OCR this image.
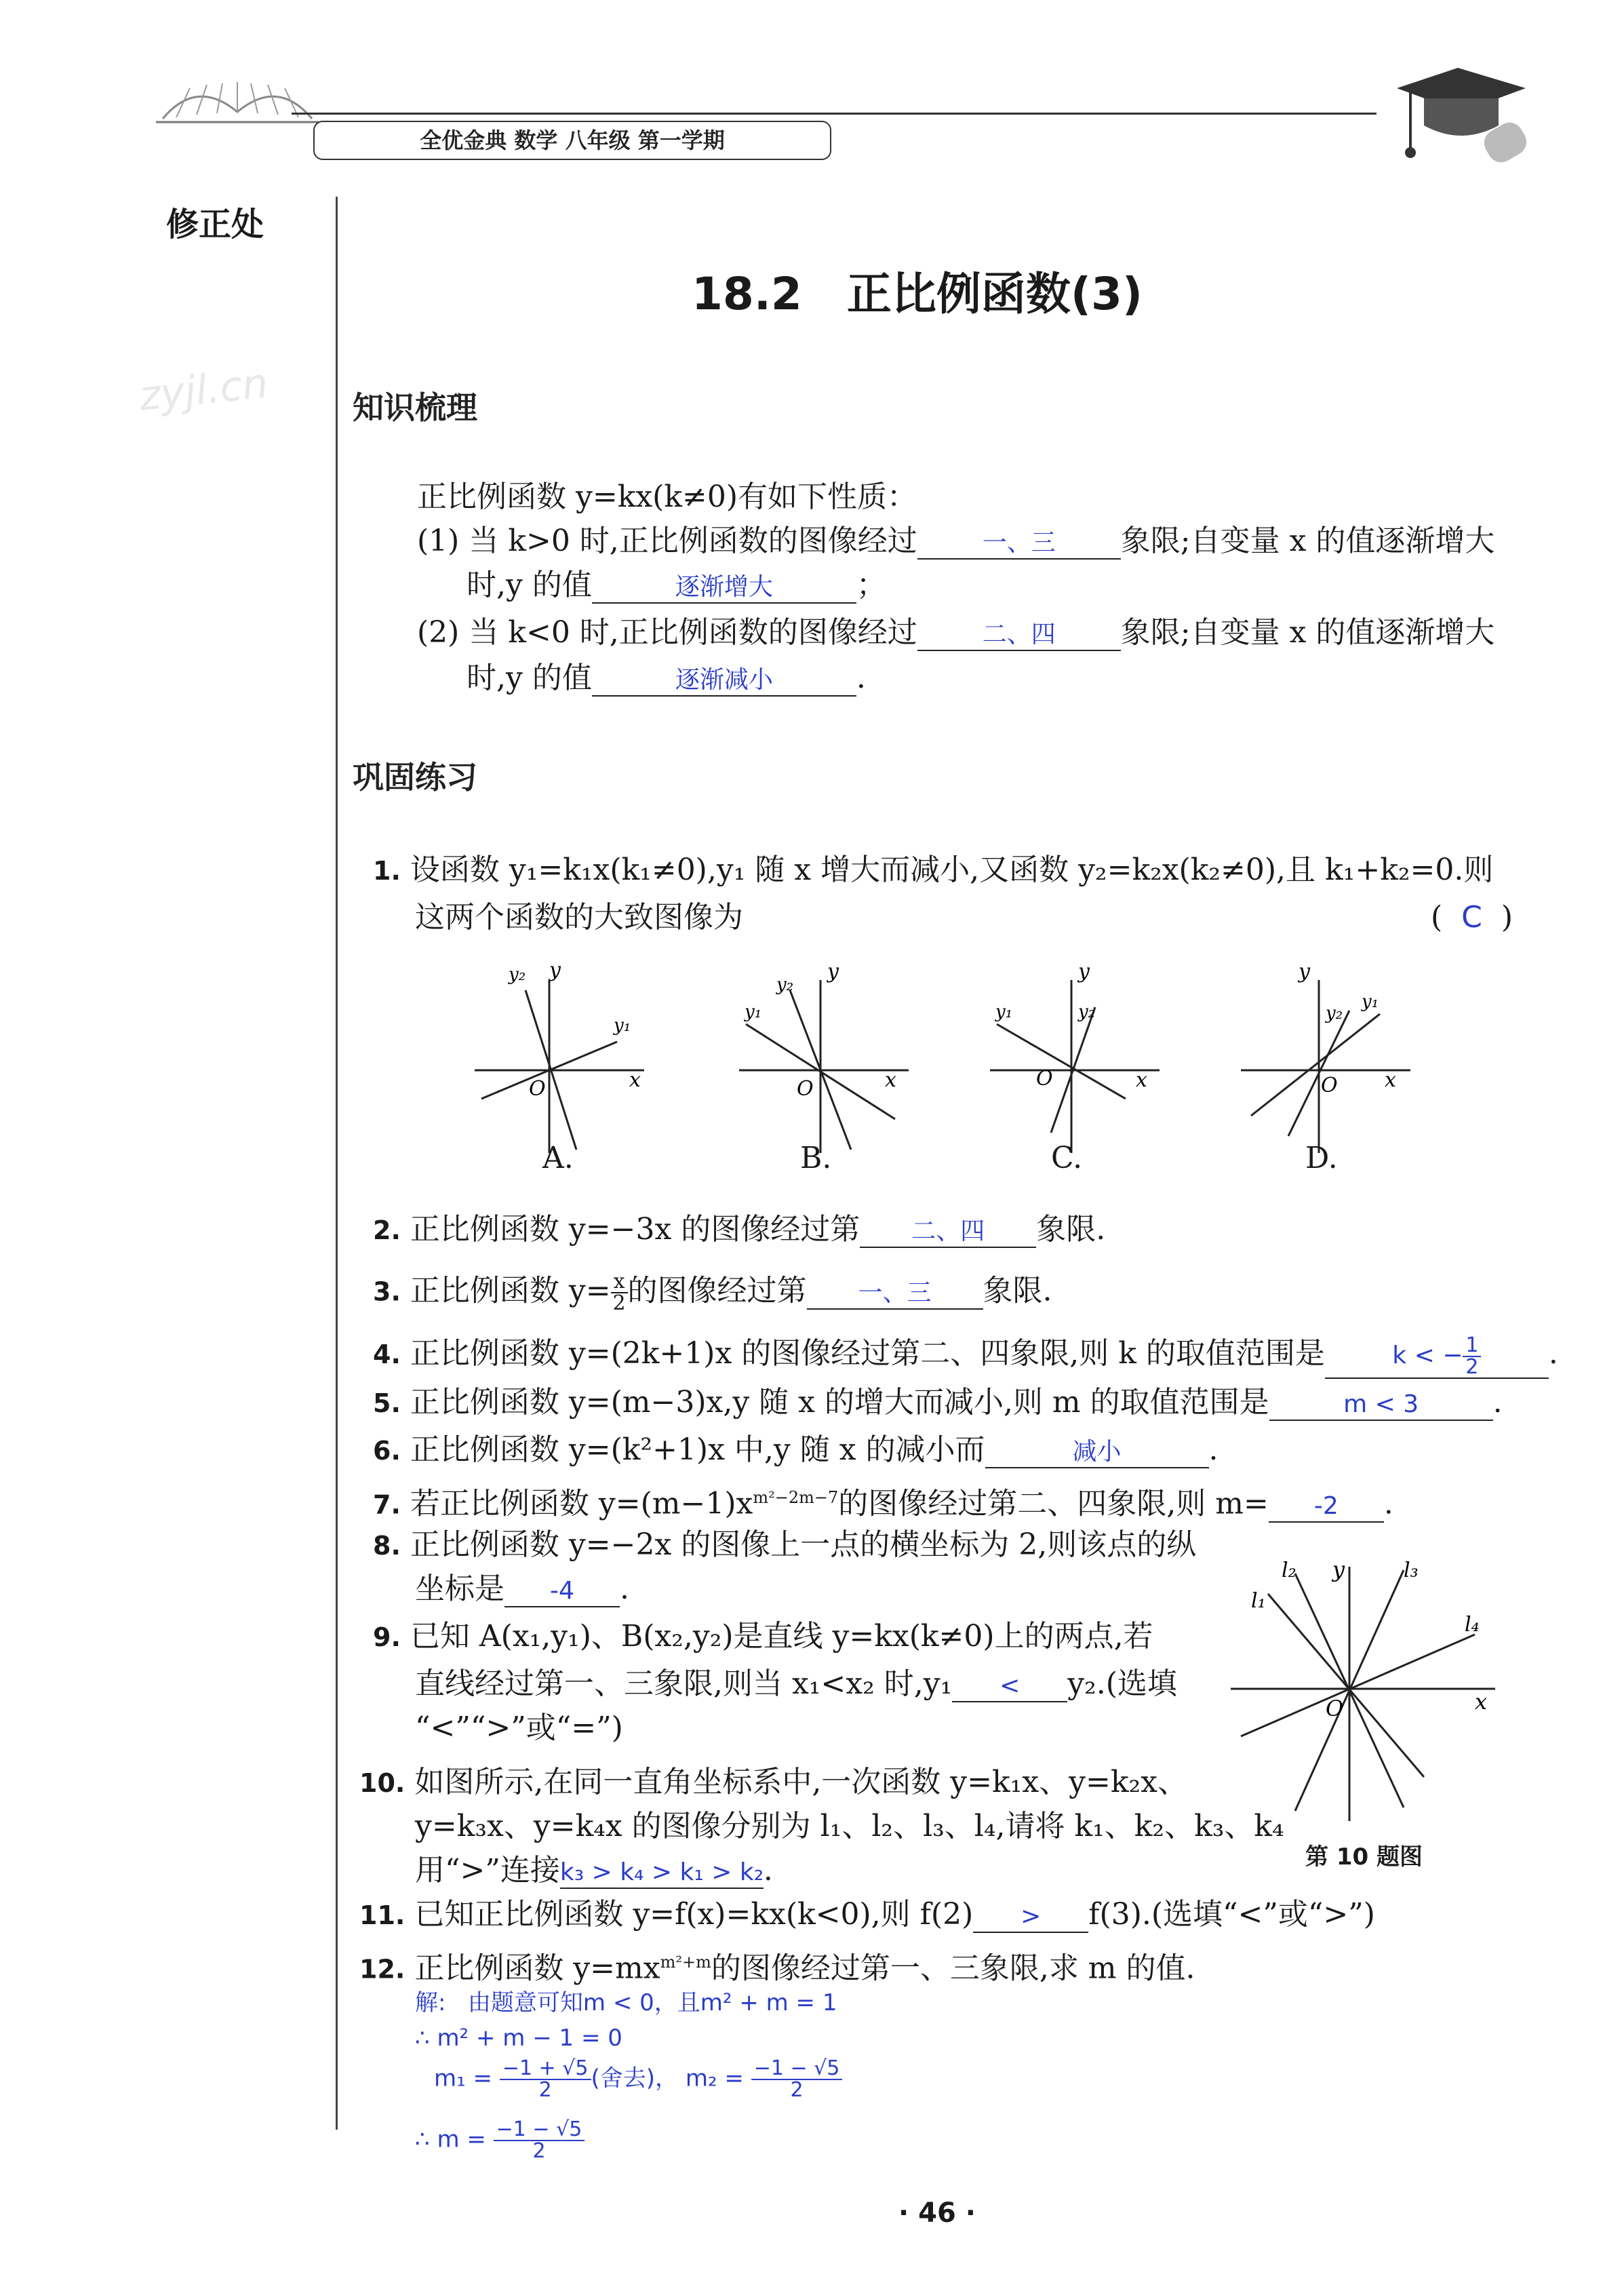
全优金典 数学 八年级 第一学期
修正处
zyjl.cn
18.2　正比例函数(3)
知识梳理
正比例函数 y=kx(k≠0)有如下性质：
(1) 当 k>0 时,正比例函数的图像经过	一、三 象限;自变量 x 的值逐渐增大
时,y 的值	逐渐增大	；
(2) 当 k<0 时,正比例函数的图像经过	二、四 象限;自变量 x 的值逐渐增大
时,y 的值	逐渐减小	.
巩固练习
1. 设函数 y₁=k₁x(k₁≠0),y₁ 随 x 增大而减小,又函数 y₂=k₂x(k₂≠0),且 k₁+k₂=0.则
这两个函数的大致图像为	( C )
y
x
O
y₂
y₁
A.
y
x
O
y₂
y₁
B.
y
x
O
y₁	y₂
C.
y
x
O
y₂
y₁
D.
2. 正比例函数 y=−3x 的图像经过第 二、四 象限.
3. 正比例函数 $y= \frac{x}{2}$ 的图像经过第 一、三 象限.
4. 正比例函数 y=(2k+1)x 的图像经过第二、四象限,则 k 的取值范围是	k < − $\frac{1}{2}$ .
5. 正比例函数 y=(m−3)x,y 随 x 的增大而减小,则 m 的取值范围是	m < 3 .
6. 正比例函数 y=(k²+1)x 中,y 随 x 的减小而	减小	.
7. 若正比例函数 $y=(m-1)x^{m^2-2m-7}$的图像经过第二、四象限,则 m= -2 .
8. 正比例函数 y=−2x 的图像上一点的横坐标为 2,则该点的纵
坐标是 -4 .
9. 已知 A(x₁,y₁)、B(x₂,y₂)是直线 y=kx(k≠0)上的两点,若
直线经过第一、三象限,则当 x₁<x₂ 时,y₁ < y₂.(选填
“<”“>”或“=”)
10. 如图所示,在同一直角坐标系中,一次函数 y=k₁x、y=k₂x、
y=k₃x、y=k₄x 的图像分别为 l₁、l₂、l₃、l₄,请将 k₁、k₂、k₃、k₄
用“>”连接k₃ > k₄ > k₁ > k₂.
l₁
l₂	l₃
l₄
y
x
O
第 10 题图
11. 已知正比例函数 y=f(x)=kx(k<0),则 f(2) > f(3).(选填“<”或“>”)
12. 正比例函数 $y=mx^{m^2+m}$的图像经过第一、三象限,求 m 的值.
解: 由题意可知m < 0，且m² + m = 1
∴ m² + m − 1 = 0
$m_1 = \frac{-1 + √5}{2}$ (舍去)， $m_2 = \frac{-1 - √5}{2}$
∴ $m = \frac{-1 - √5}{2}$
· 46 ·
